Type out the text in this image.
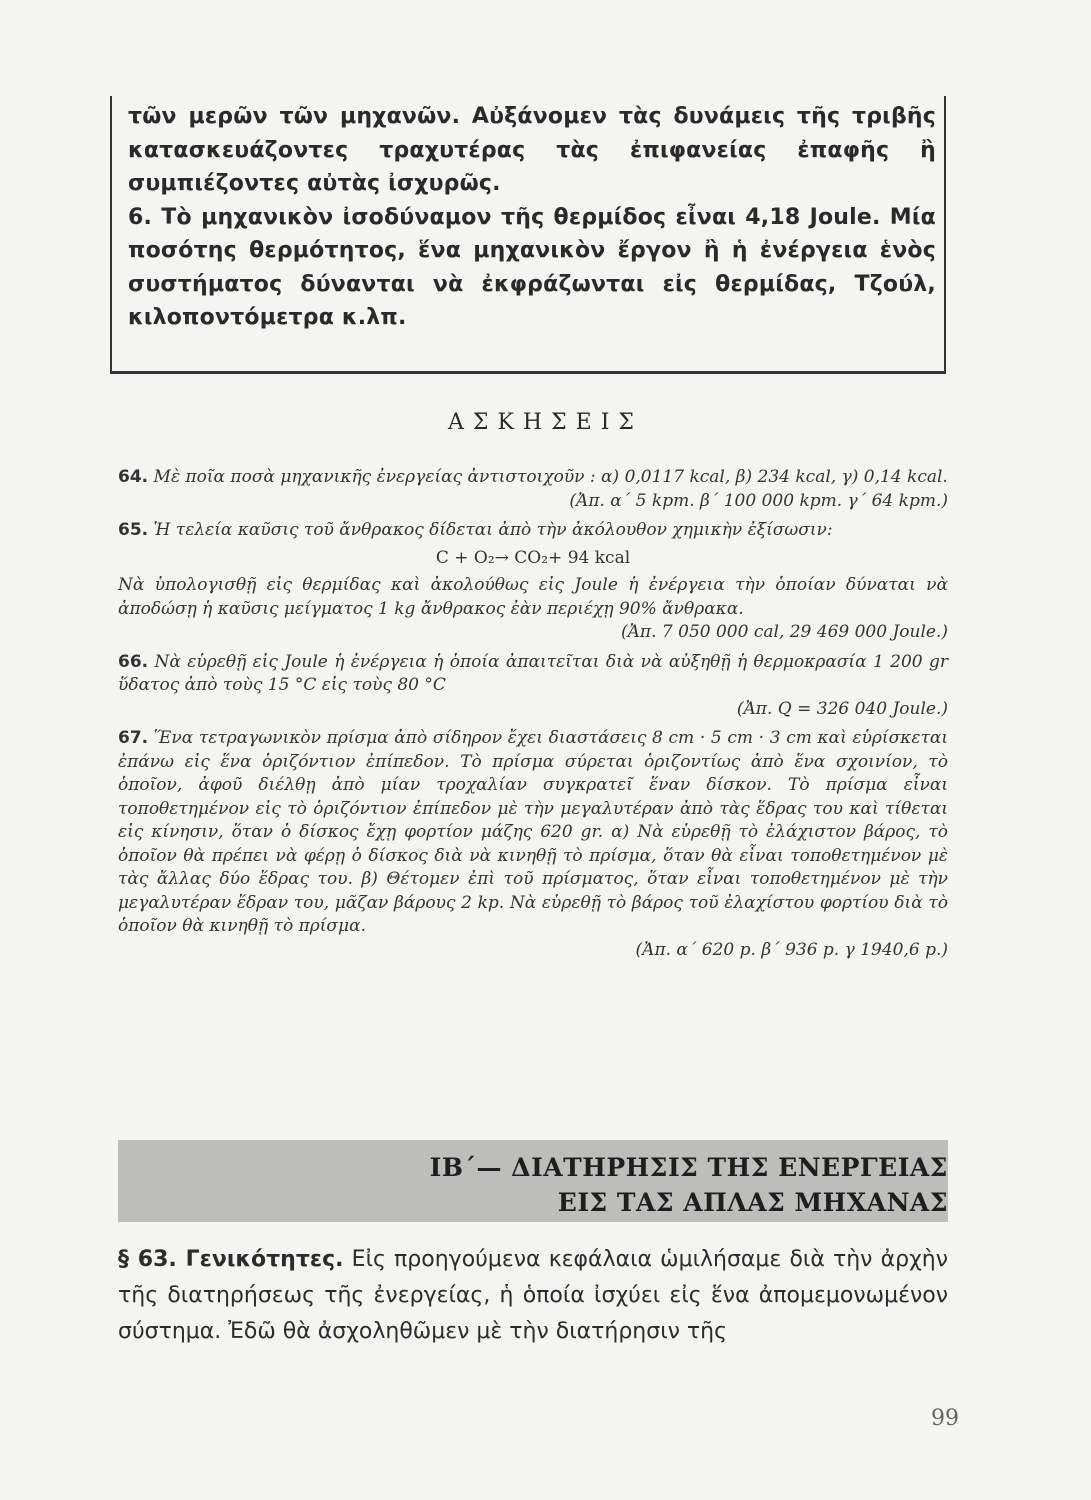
τῶν μερῶν τῶν μηχανῶν. Αὐξάνομεν τὰς δυνάμεις τῆς τριβῆς κατασκευάζοντες τραχυτέρας τὰς ἐπιφανείας ἐπαφῆς ἢ συμπιέζοντες αὐτὰς ἰσχυρῶς.

6. Τὸ μηχανικὸν ἰσοδύναμον τῆς θερμίδος εἶναι 4,18 Joule. Μία ποσότης θερμότητος, ἕνα μηχανικὸν ἔργον ἢ ἡ ἐνέργεια ἑνὸς συστήματος δύνανται νὰ ἐκφράζωνται εἰς θερμίδας, Τζούλ, κιλοποντόμετρα κ.λπ.

ΑΣΚΗΣΕΙΣ

64. Μὲ ποῖα ποσὰ μηχανικῆς ἐνεργείας ἀντιστοιχοῦν : α) 0,0117 kcal, β) 234 kcal, γ) 0,14 kcal.

(Ἀπ. α΄ 5 kpm. β΄ 100 000 kpm. γ΄ 64 kpm.)

65. Ἡ τελεία καῦσις τοῦ ἄνθρακος δίδεται ἀπὸ τὴν ἀκόλουθον χημικὴν ἐξίσωσιν:

C + O₂→ CO₂+ 94 kcal

Νὰ ὑπολογισθῇ εἰς θερμίδας καὶ ἀκολούθως εἰς Joule ἡ ἐνέργεια τὴν ὁποίαν δύναται νὰ ἀποδώσῃ ἡ καῦσις μείγματος 1 kg ἄνθρακος ἐὰν περιέχῃ 90% ἄνθρακα.

(Ἀπ. 7 050 000 cal, 29 469 000 Joule.)

66. Νὰ εὑρεθῇ εἰς Joule ἡ ἐνέργεια ἡ ὁποία ἀπαιτεῖται διὰ νὰ αὐξηθῇ ἡ θερμοκρασία 1 200 gr ὕδατος ἀπὸ τοὺς 15 °C εἰς τοὺς 80 °C

(Ἀπ. Q = 326 040 Joule.)

67. Ἕνα τετραγωνικὸν πρίσμα ἀπὸ σίδηρον ἔχει διαστάσεις 8 cm · 5 cm · 3 cm καὶ εὑρίσκεται ἐπάνω εἰς ἕνα ὁριζόντιον ἐπίπεδον. Τὸ πρίσμα σύρεται ὁριζοντίως ἀπὸ ἕνα σχοινίον, τὸ ὁποῖον, ἀφοῦ διέλθῃ ἀπὸ μίαν τροχαλίαν συγκρατεῖ ἕναν δίσκον. Τὸ πρίσμα εἶναι τοποθετημένον εἰς τὸ ὁριζόντιον ἐπίπεδον μὲ τὴν μεγαλυτέραν ἀπὸ τὰς ἕδρας του καὶ τίθεται εἰς κίνησιν, ὅταν ὁ δίσκος ἔχῃ φορτίον μάζης 620 gr. α) Νὰ εὑρεθῇ τὸ ἐλάχιστον βάρος, τὸ ὁποῖον θὰ πρέπει νὰ φέρῃ ὁ δίσκος διὰ νὰ κινηθῇ τὸ πρίσμα, ὅταν θὰ εἶναι τοποθετημένον μὲ τὰς ἄλλας δύο ἕδρας του. β) Θέτομεν ἐπὶ τοῦ πρίσματος, ὅταν εἶναι τοποθετημένον μὲ τὴν μεγαλυτέραν ἕδραν του, μᾶζαν βάρους 2 kp. Νὰ εὑρεθῇ τὸ βάρος τοῦ ἐλαχίστου φορτίου διὰ τὸ ὁποῖον θὰ κινηθῇ τὸ πρίσμα.

(Ἀπ. α΄ 620 p. β΄ 936 p. γ 1940,6 p.)

ΙΒ΄— ΔΙΑΤΗΡΗΣΙΣ ΤΗΣ ΕΝΕΡΓΕΙΑΣ

ΕΙΣ ΤΑΣ ΑΠΛΑΣ ΜΗΧΑΝΑΣ

§ 63. Γενικότητες. Εἰς προηγούμενα κεφάλαια ὡμιλήσαμε διὰ τὴν ἀρχὴν τῆς διατηρήσεως τῆς ἐνεργείας, ἡ ὁποία ἰσχύει εἰς ἕνα ἀπομεμονωμένον σύστημα. Ἐδῶ θὰ ἀσχοληθῶμεν μὲ τὴν διατήρησιν τῆς

99
